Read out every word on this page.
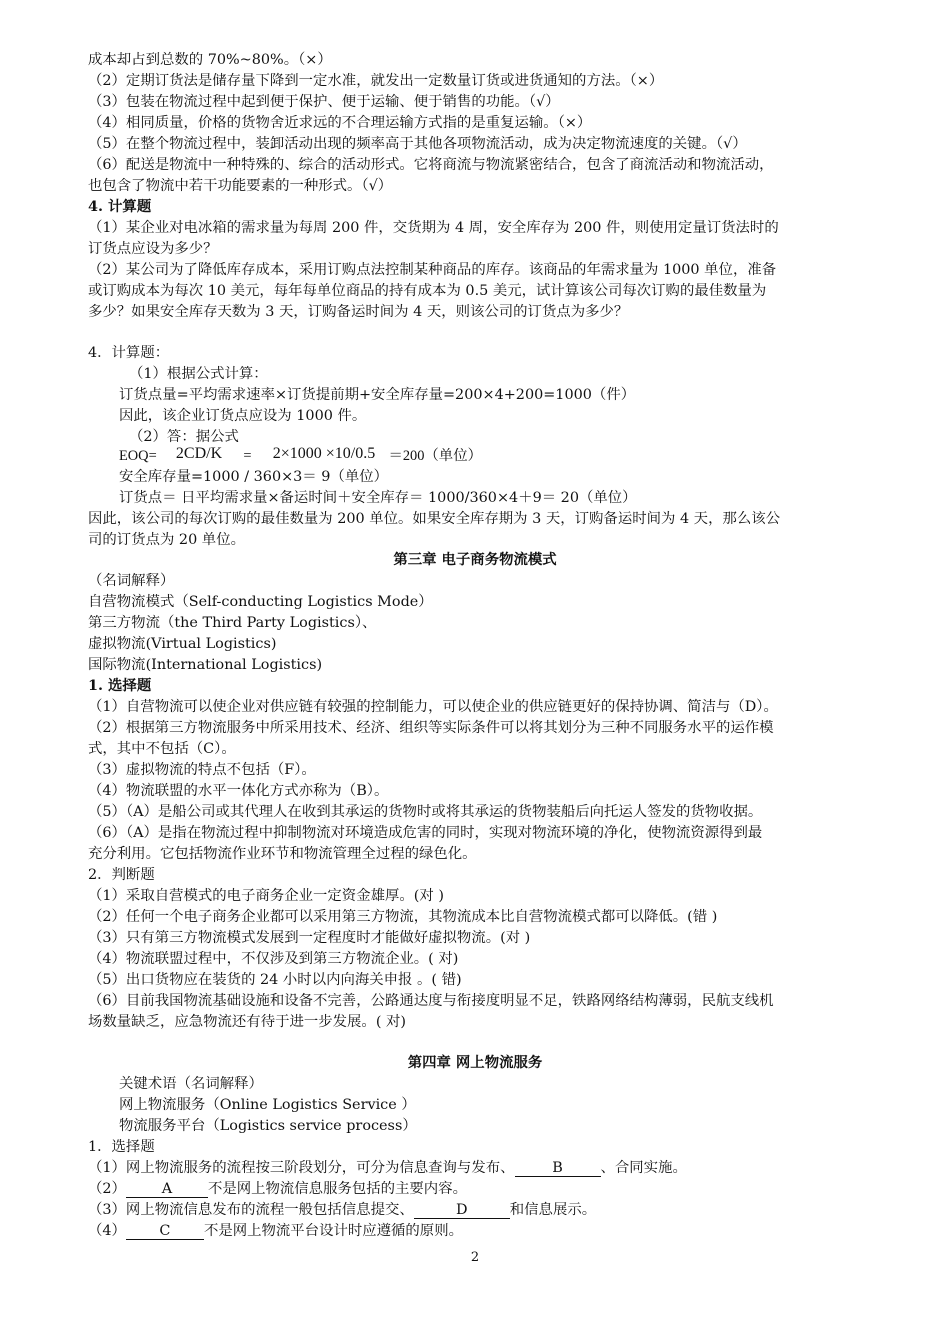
成本却占到总数的 70%~80%。（×）
（2）定期订货法是储存量下降到一定水准，就发出一定数量订货或进货通知的方法。（×）
（3）包装在物流过程中起到便于保护、便于运输、便于销售的功能。（√）
（4）相同质量，价格的货物舍近求远的不合理运输方式指的是重复运输。（×）
（5）在整个物流过程中，装卸活动出现的频率高于其他各项物流活动，成为决定物流速度的关键。（√）
（6）配送是物流中一种特殊的、综合的活动形式。它将商流与物流紧密结合，包含了商流活动和物流活动，
也包含了物流中若干功能要素的一种形式。（√）
4. 计算题
（1）某企业对电冰箱的需求量为每周 200 件，交货期为 4 周，安全库存为 200 件，则使用定量订货法时的
订货点应设为多少？
（2）某公司为了降低库存成本，采用订购点法控制某种商品的库存。该商品的年需求量为 1000 单位，准备
或订购成本为每次 10 美元，每年每单位商品的持有成本为 0.5 美元，试计算该公司每次订购的最佳数量为
多少？如果安全库存天数为 3 天，订购备运时间为 4 天，则该公司的订货点为多少？
4．计算题：
（1）根据公式计算：
订货点量=平均需求速率×订货提前期+安全库存量=200×4+200=1000（件）
因此，该企业订货点应设为 1000 件。
（2）答：据公式
EOQ= 2CD/K = 2×1000 ×10/0.5 ＝200（单位）
安全库存量=1000 / 360×3＝ 9（单位）
订货点＝ 日平均需求量×备运时间＋安全库存＝ 1000/360×4＋9＝ 20（单位）
因此，该公司的每次订购的最佳数量为 200 单位。如果安全库存期为 3 天，订购备运时间为 4 天，那么该公
司的订货点为 20 单位。
第三章 电子商务物流模式
（名词解释）
自营物流模式（Self-conducting Logistics Mode）
第三方物流（the Third Party Logistics）、
虚拟物流(Virtual Logistics)
国际物流(International Logistics)
1. 选择题
（1）自营物流可以使企业对供应链有较强的控制能力，可以使企业的供应链更好的保持协调、简洁与（D）。
（2）根据第三方物流服务中所采用技术、经济、组织等实际条件可以将其划分为三种不同服务水平的运作模
式，其中不包括（C）。
（3）虚拟物流的特点不包括（F）。
（4）物流联盟的水平一体化方式亦称为（B）。
（5）（A）是船公司或其代理人在收到其承运的货物时或将其承运的货物装船后向托运人签发的货物收据。
（6）（A）是指在物流过程中抑制物流对环境造成危害的同时，实现对物流环境的净化，使物流资源得到最
充分利用。它包括物流作业环节和物流管理全过程的绿色化。
2．判断题
（1）采取自营模式的电子商务企业一定资金雄厚。(对 )
（2）任何一个电子商务企业都可以采用第三方物流，其物流成本比自营物流模式都可以降低。(错 )
（3）只有第三方物流模式发展到一定程度时才能做好虚拟物流。(对 )
（4）物流联盟过程中，不仅涉及到第三方物流企业。( 对)
（5）出口货物应在装货的 24 小时以内向海关申报 。( 错)
（6）目前我国物流基础设施和设备不完善，公路通达度与衔接度明显不足，铁路网络结构薄弱，民航支线机
场数量缺乏，应急物流还有待于进一步发展。( 对)
第四章 网上物流服务
关键术语（名词解释）
网上物流服务（Online Logistics Service ）
物流服务平台（Logistics service process）
1．选择题
（1）网上物流服务的流程按三阶段划分，可分为信息查询与发布、	B	、合同实施。
（2） A 不是网上物流信息服务包括的主要内容。
（3）网上物流信息发布的流程一般包括信息提交、	D	和信息展示。
（4） C 不是网上物流平台设计时应遵循的原则。
2
